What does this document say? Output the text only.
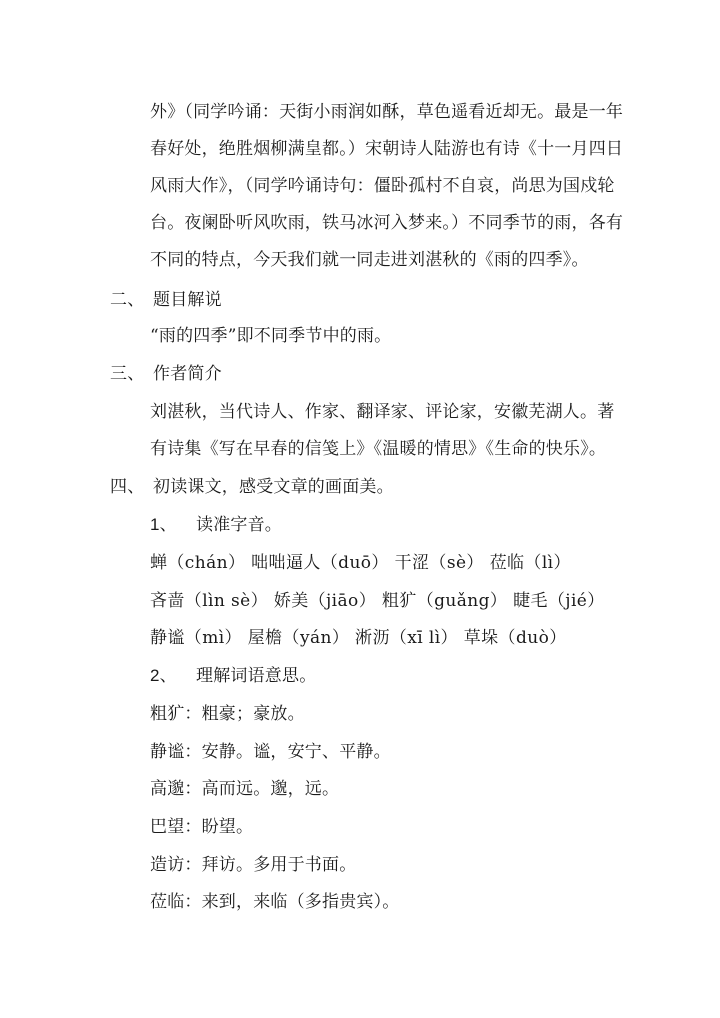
外》（同学吟诵：天街小雨润如酥，草色遥看近却无。最是一年
春好处，绝胜烟柳满皇都。）宋朝诗人陆游也有诗《十一月四日
风雨大作》，（同学吟诵诗句：僵卧孤村不自哀，尚思为国戍轮
台。夜阑卧听风吹雨，铁马冰河入梦来。）不同季节的雨，各有
不同的特点，今天我们就一同走进刘湛秋的《雨的四季》。
二、 题目解说
“雨的四季”即不同季节中的雨。
三、 作者简介
刘湛秋，当代诗人、作家、翻译家、评论家，安徽芜湖人。著
有诗集《写在早春的信笺上》《温暖的情思》《生命的快乐》。
四、 初读课文，感受文章的画面美。
1、 读准字音。
蝉（chán） 咄咄逼人（duō） 干涩（sè） 莅临（lì）
吝啬（lìn sè） 娇美（jiāo） 粗犷（guǎng） 睫毛（jié）
静谧（mì） 屋檐（yán） 淅沥（xī lì） 草垛（duò）
2、 理解词语意思。
粗犷：粗豪；豪放。
静谧：安静。谧，安宁、平静。
高邈：高而远。邈，远。
巴望：盼望。
造访：拜访。多用于书面。
莅临：来到，来临（多指贵宾）。
